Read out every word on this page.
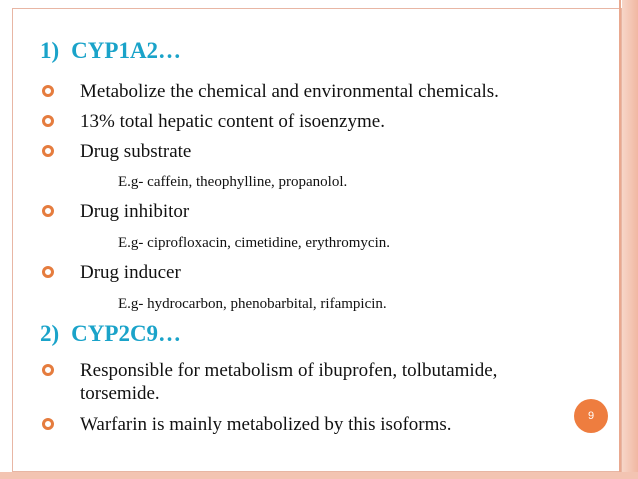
1) CYP1A2…
Metabolize the chemical and environmental chemicals.
13% total hepatic content of isoenzyme.
Drug substrate
E.g- caffein, theophylline, propanolol.
Drug inhibitor
E.g- ciprofloxacin, cimetidine, erythromycin.
Drug inducer
E.g- hydrocarbon, phenobarbital, rifampicin.
2) CYP2C9…
Responsible for metabolism of ibuprofen, tolbutamide, torsemide.
Warfarin is mainly metabolized by this isoforms.	9
